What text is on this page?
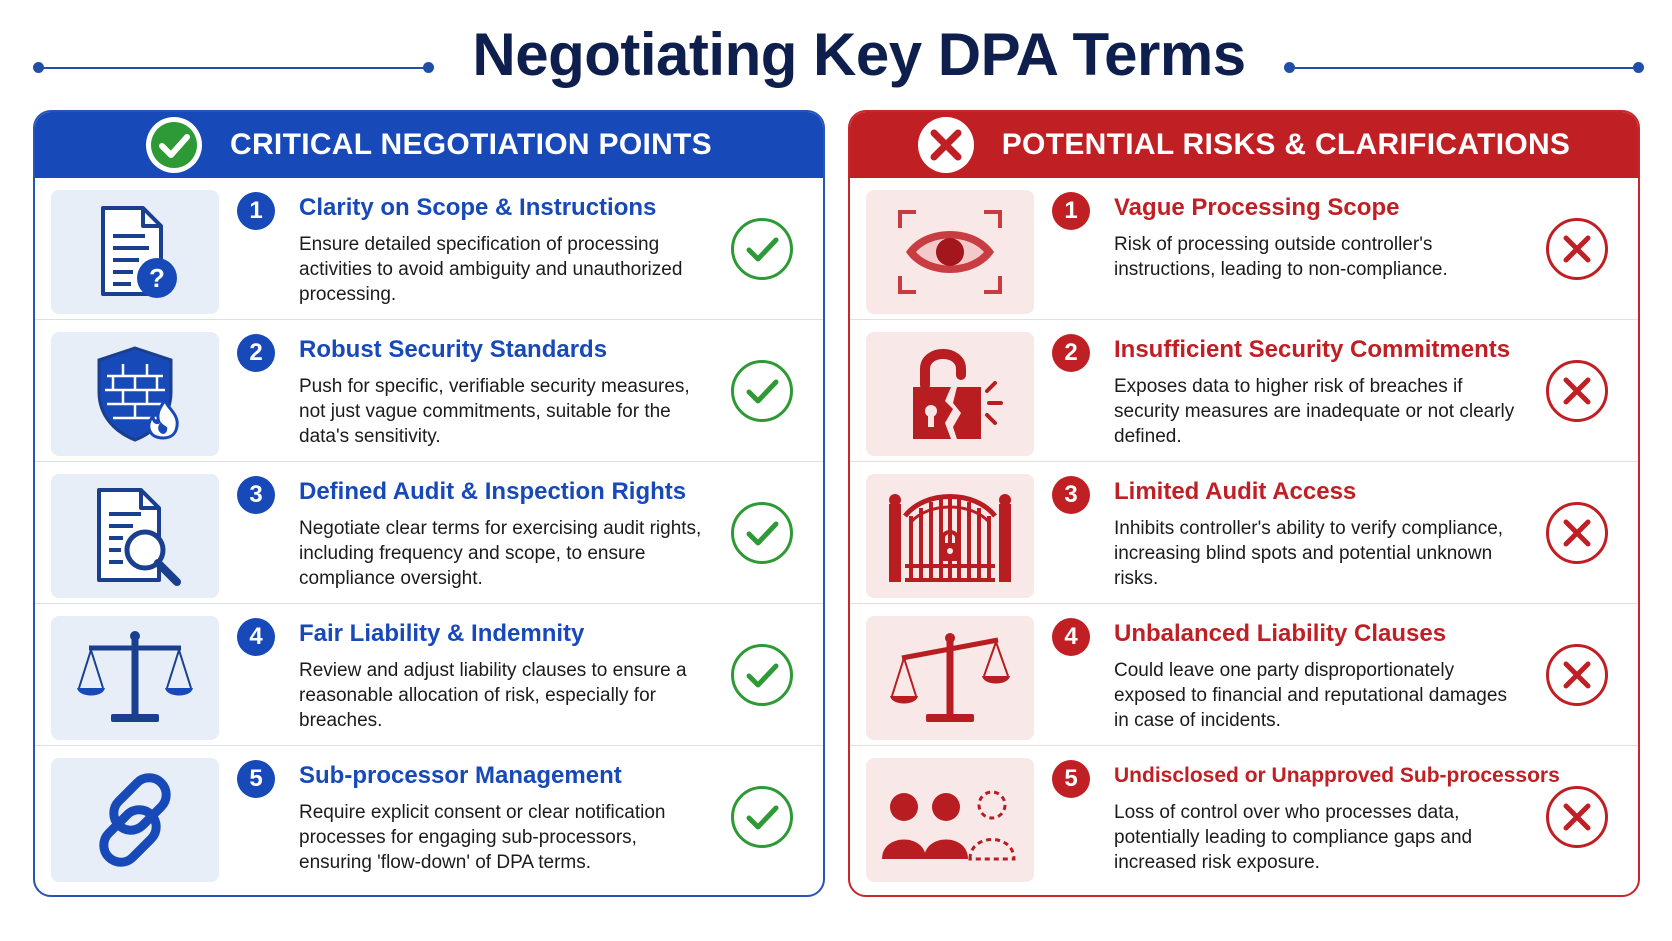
Negotiating Key DPA Terms
CRITICAL NEGOTIATION POINTS
?
1	Clarity on Scope & Instructions
Ensure detailed specification of processing activities to avoid ambiguity and unauthorized processing.
2	Robust Security Standards
Push for specific, verifiable security measures, not just vague commitments, suitable for the data's sensitivity.
3	Defined Audit & Inspection Rights
Negotiate clear terms for exercising audit rights, including frequency and scope, to ensure compliance oversight.
4	Fair Liability & Indemnity
Review and adjust liability clauses to ensure a reasonable allocation of risk, especially for breaches.
5	Sub-processor Management
Require explicit consent or clear notification processes for engaging sub-processors, ensuring 'flow-down' of DPA terms.
POTENTIAL RISKS & CLARIFICATIONS
1	Vague Processing Scope
Risk of processing outside controller's instructions, leading to non-compliance.
2	Insufficient Security Commitments
Exposes data to higher risk of breaches if security measures are inadequate or not clearly defined.
3	Limited Audit Access
Inhibits controller's ability to verify compliance, increasing blind spots and potential unknown risks.
4	Unbalanced Liability Clauses
Could leave one party disproportionately exposed to financial and reputational damages in case of incidents.
5	Undisclosed or Unapproved Sub-processors
Loss of control over who processes data, potentially leading to compliance gaps and increased risk exposure.
